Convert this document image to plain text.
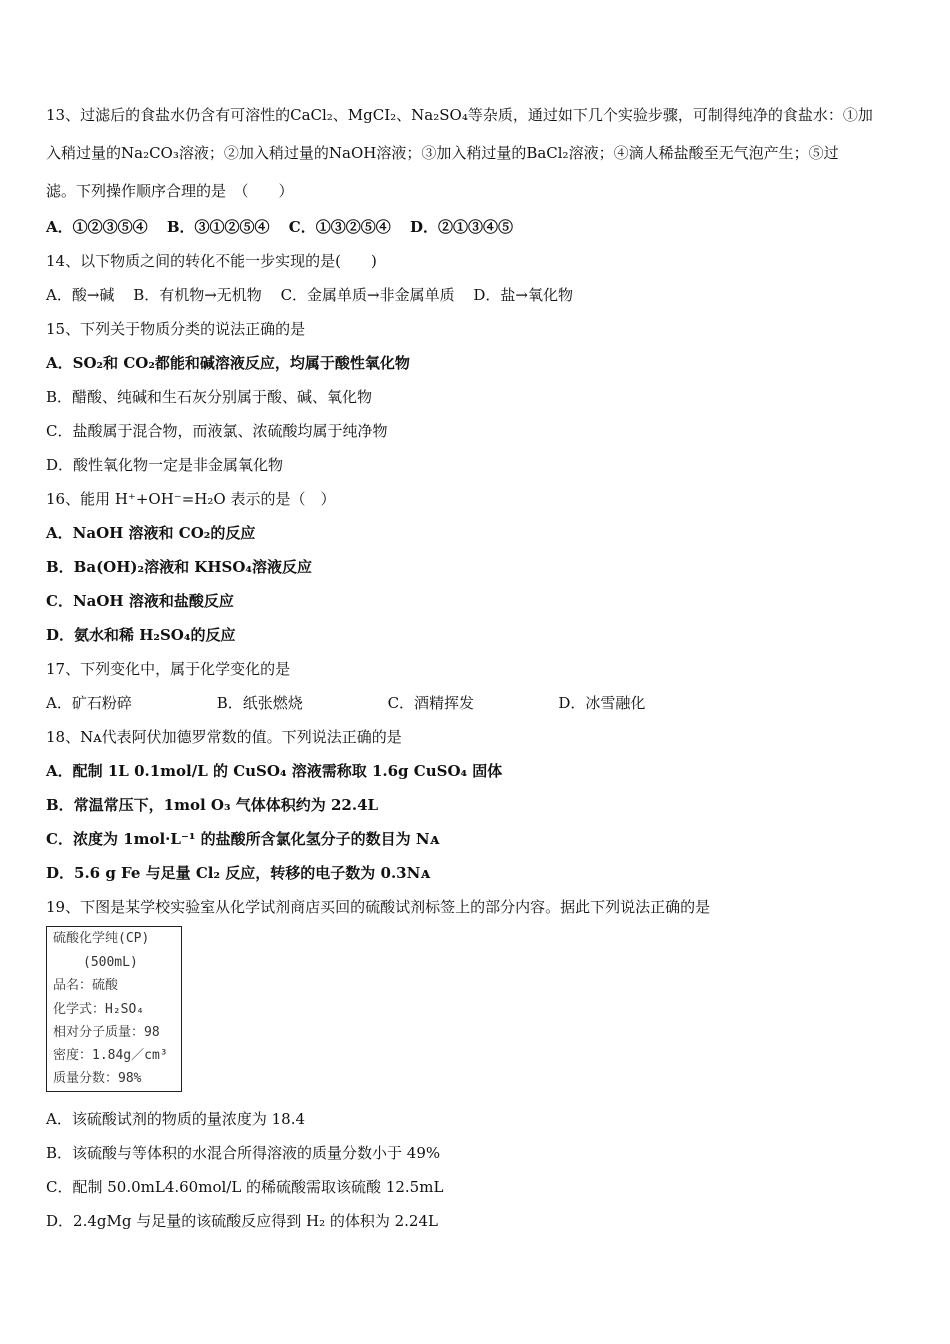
13、过滤后的食盐水仍含有可溶性的CaCl₂、MgCI₂、Na₂SO₄等杂质，通过如下几个实验步骤，可制得纯净的食盐水：①加
入稍过量的Na₂CO₃溶液；②加入稍过量的NaOH溶液；③加入稍过量的BaCl₂溶液；④滴人稀盐酸至无气泡产生；⑤过
滤。下列操作顺序合理的是　（　　）
A．①②③⑤④ B．③①②⑤④ C．①③②⑤④ D．②①③④⑤
14、以下物质之间的转化不能一步实现的是(　　)
A．酸→碱 B．有机物→无机物 C．金属单质→非金属单质 D．盐→氧化物
15、下列关于物质分类的说法正确的是
A．SO₂和 CO₂都能和碱溶液反应，均属于酸性氧化物
B．醋酸、纯碱和生石灰分别属于酸、碱、氧化物
C．盐酸属于混合物，而液氯、浓硫酸均属于纯净物
D．酸性氧化物一定是非金属氧化物
16、能用 H⁺+OH⁻=H₂O 表示的是（　）
A．NaOH 溶液和 CO₂的反应
B．Ba(OH)₂溶液和 KHSO₄溶液反应
C．NaOH 溶液和盐酸反应
D．氨水和稀 H₂SO₄的反应
17、下列变化中，属于化学变化的是
A．矿石粉碎	B．纸张燃烧	C．酒精挥发	D．冰雪融化
18、Nᴀ代表阿伏加德罗常数的值。下列说法正确的是
A．配制 1L 0.1mol/L 的 CuSO₄ 溶液需称取 1.6g CuSO₄ 固体
B．常温常压下，1mol O₃ 气体体积约为 22.4L
C．浓度为 1mol·L⁻¹ 的盐酸所含氯化氢分子的数目为 Nᴀ
D．5.6 g Fe 与足量 Cl₂ 反应，转移的电子数为 0.3Nᴀ
19、下图是某学校实验室从化学试剂商店买回的硫酸试剂标签上的部分内容。据此下列说法正确的是
硫酸化学纯(CP)
(500mL)
品名：硫酸
化学式：H₂SO₄
相对分子质量：98
密度：1.84g／cm³
质量分数：98%
A．该硫酸试剂的物质的量浓度为 18.4
B．该硫酸与等体积的水混合所得溶液的质量分数小于 49%
C．配制 50.0mL4.60mol/L 的稀硫酸需取该硫酸 12.5mL
D．2.4gMg 与足量的该硫酸反应得到 H₂ 的体积为 2.24L
